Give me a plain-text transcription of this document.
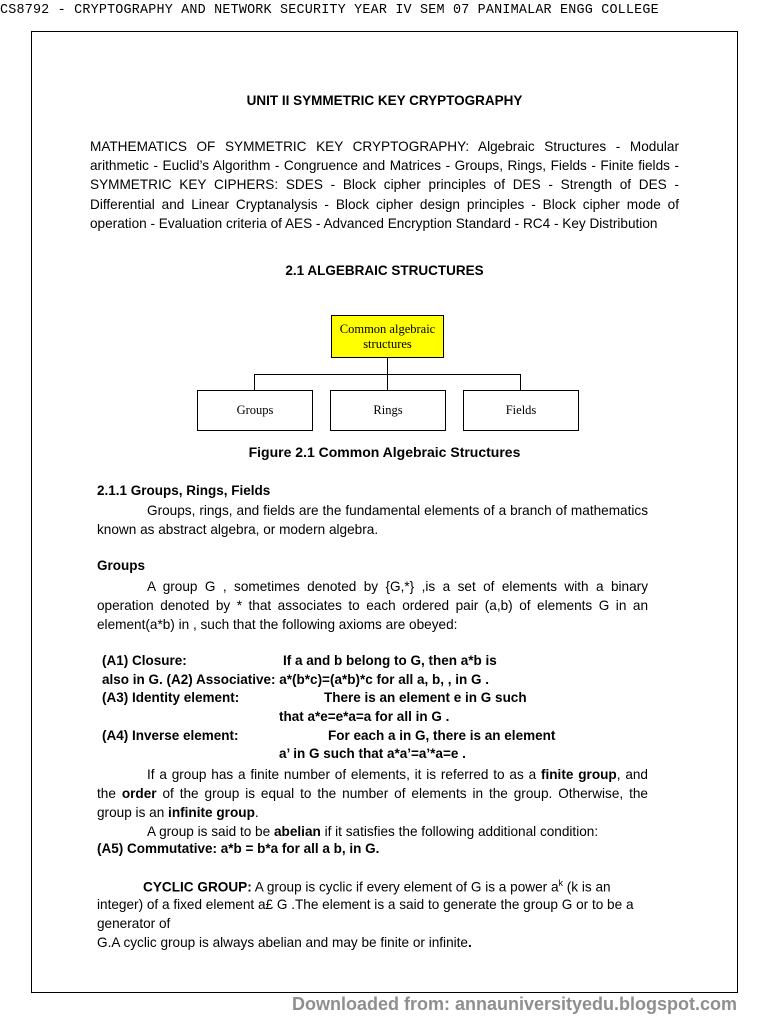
CS8792 - CRYPTOGRAPHY AND NETWORK SECURITY YEAR IV SEM 07 PANIMALAR ENGG COLLEGE
UNIT II SYMMETRIC KEY CRYPTOGRAPHY
MATHEMATICS OF SYMMETRIC KEY CRYPTOGRAPHY: Algebraic Structures - Modular arithmetic - Euclid’s Algorithm - Congruence and Matrices - Groups, Rings, Fields - Finite fields - SYMMETRIC KEY CIPHERS: SDES - Block cipher principles of DES - Strength of DES - Differential and Linear Cryptanalysis - Block cipher design principles - Block cipher mode of operation - Evaluation criteria of AES - Advanced Encryption Standard - RC4 - Key Distribution
2.1 ALGEBRAIC STRUCTURES
Common algebraic structures
Groups	Rings	Fields
Figure 2.1 Common Algebraic Structures
2.1.1 Groups, Rings, Fields
Groups, rings, and fields are the fundamental elements of a branch of mathematics known as abstract algebra, or modern algebra.
Groups
A group G , sometimes denoted by {G,*} ,is a set of elements with a binary operation denoted by * that associates to each ordered pair (a,b) of elements G in an element(a*b) in , such that the following axioms are obeyed:
(A1) Closure:	If a and b belong to G, then a*b is
also in G. (A2) Associative: a*(b*c)=(a*b)*c for all a, b, , in G .
(A3) Identity element:	There is an element e in G such
that a*e=e*a=a for all in G .
(A4) Inverse element:	For each a in G, there is an element
a’ in G such that a*a’=a’*a=e .
If a group has a finite number of elements, it is referred to as a finite group, and the order of the group is equal to the number of elements in the group. Otherwise, the group is an infinite group.
A group is said to be abelian if it satisfies the following additional condition:
(A5) Commutative: a*b = b*a for all a b, in G.
CYCLIC GROUP: A group is cyclic if every element of G is a power $a^k$ (k is an
integer) of a fixed element a£ G .The element is a said to generate the group G or to be a
generator of
G.A cyclic group is always abelian and may be finite or infinite.
Downloaded from: annauniversityedu.blogspot.com
